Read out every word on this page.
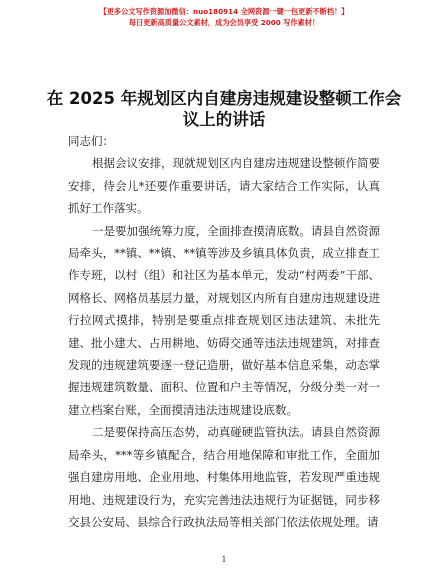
【更多公文写作资源加微信：nuo180914 全网资源一键一包更新不断档！】
每日更新高质量公文素材，成为会员享受 2000 写作素材！
在 2025 年规划区内自建房违规建设整顿工作会
议上的讲话

同志们：

根据会议安排，现就规划区内自建房违规建设整顿作简要安排，待会儿*还要作重要讲话，请大家结合工作实际，认真抓好工作落实。

一是要加强统筹力度，全面排查摸清底数。请县自然资源局牵头，**镇、**镇、**镇等涉及乡镇具体负责，成立排查工作专班，以村（组）和社区为基本单元，发动“村两委”干部、网格长、网格员基层力量，对规划区内所有自建房违规建设进行拉网式摸排，特别是要重点排查规划区违法建筑、未批先建、批小建大、占用耕地、妨碍交通等违法违规建筑，对排查发现的违规建筑要逐一登记造册，做好基本信息采集，动态掌握违规建筑数量、面积、位置和户主等情况，分级分类一对一建立档案台账，全面摸清违法违规建设底数。

二是要保持高压态势，动真碰硬监管执法。请县自然资源局牵头，***等乡镇配合，结合用地保障和审批工作，全面加强自建房用地、企业用地、村集体用地监管，若发现严重违规用地、违规建设行为，充实完善违法违规行为证据链，同步移交县公安局、县综合行政执法局等相关部门依法依规处理。请

1
